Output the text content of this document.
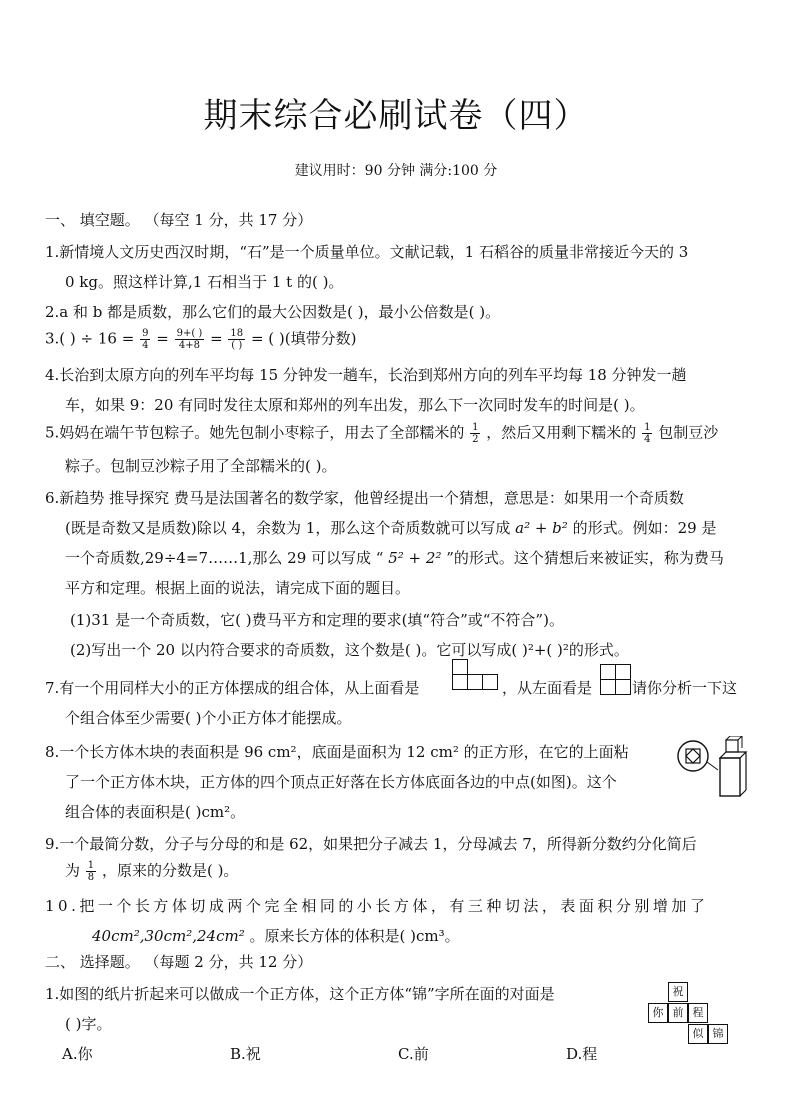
期末综合必刷试卷（四）
建议用时：90 分钟 满分:100 分
一、 填空题。 （每空 1 分，共 17 分）
1.新情境人文历史西汉时期，“石”是一个质量单位。文献记载，1 石稻谷的质量非常接近今天的 3
0 kg。照这样计算,1 石相当于 1 t 的( )。
2.a 和 b 都是质数，那么它们的最大公因数是( )，最小公倍数是( )。
3.( ) ÷ $16 = \frac{9}{4} = \frac{9+( )}{4+8} = \frac{18}{( )}$ = ( )(填带分数)
4.长治到太原方向的列车平均每 15 分钟发一趟车，长治到郑州方向的列车平均每 18 分钟发一趟
车，如果 9：20 有同时发往太原和郑州的列车出发，那么下一次同时发车的时间是( )。
5.妈妈在端午节包粽子。她先包制小枣粽子，用去了全部糯米的 $\frac{1}{2}$ ，然后又用剩下糯米的 $\frac{1}{4}$ 包制豆沙
粽子。包制豆沙粽子用了全部糯米的( )。
6.新趋势 推导探究 费马是法国著名的数学家，他曾经提出一个猜想，意思是：如果用一个奇质数
(既是奇数又是质数)除以 4，余数为 1，那么这个奇质数就可以写成 a² + b² 的形式。例如：29 是
一个奇质数,29÷4=7……1,那么 29 可以写成 “ 5² + 2² ”的形式。这个猜想后来被证实，称为费马
平方和定理。根据上面的说法，请完成下面的题目。
(1)31 是一个奇质数，它( )费马平方和定理的要求(填“符合”或“不符合”)。
(2)写出一个 20 以内符合要求的奇质数，这个数是( )。它可以写成( )²+( )²的形式。
7.有一个用同样大小的正方体摆成的组合体，从上面看是	，从左面看是	请你分析一下这
个组合体至少需要( )个小正方体才能摆成。
8.一个长方体木块的表面积是 96 cm²，底面是面积为 12 cm² 的正方形，在它的上面粘
了一个正方体木块，正方体的四个顶点正好落在长方体底面各边的中点(如图)。这个
组合体的表面积是( )cm²。
9.一个最简分数，分子与分母的和是 62，如果把分子减去 1，分母减去 7，所得新分数约分化简后
为 $\frac{1}{8}$ ，原来的分数是( )。
10.把一个长方体切成两个完全相同的小长方体，有三种切法，表面积分别增加了
40cm²,30cm²,24cm² 。原来长方体的体积是( )cm³。
二、 选择题。 （每题 2 分，共 12 分）
1.如图的纸片折起来可以做成一个正方体，这个正方体“锦”字所在面的对面是
( )字。
祝
你 前 程
似 锦
A.你	B.祝	C.前	D.程
